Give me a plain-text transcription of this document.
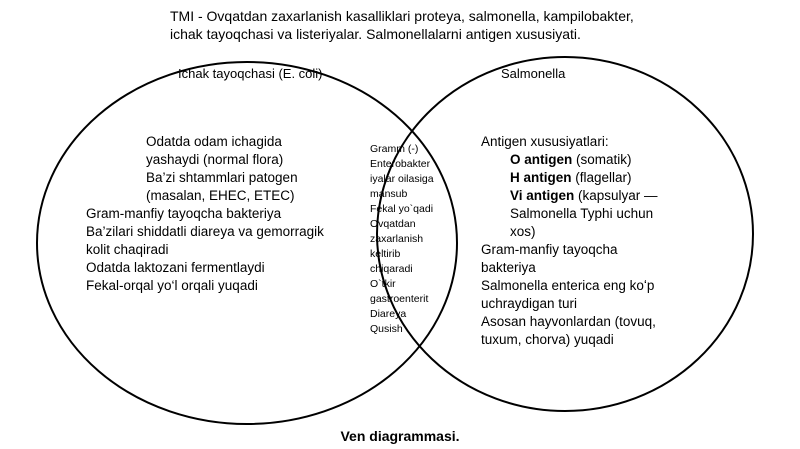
TMI - Ovqatdan zaxarlanish kasalliklari proteya, salmonella, kampilobakter,
ichak tayoqchasi va listeriyalar. Salmonellalarni antigen xususiyati.
Ichak tayoqchasi (E. coli)	Salmonella
Odatda odam ichagida
yashaydi (normal flora)
Ba’zi shtammlari patogen
(masalan, EHEC, ETEC)
Gram-manfiy tayoqcha bakteriya
Ba’zilari shiddatli diareya va gemorragik
kolit chaqiradi
Odatda laktozani fermentlaydi
Fekal-orqal yo‘l orqali yuqadi
Gramm (-)
Enterobakter
iyalar oilasiga
mansub
Fekal yo`qadi
Ovqatdan
zaxarlanish
keltirib
chiqaradi
O`tkir
gastroenterit
Diareya
Qusish
Antigen xususiyatlari:
O antigen (somatik)
H antigen (flagellar)
Vi antigen (kapsulyar —
Salmonella Typhi uchun
xos)
Gram-manfiy tayoqcha
bakteriya
Salmonella enterica eng koʻp
uchraydigan turi
Asosan hayvonlardan (tovuq,
tuxum, chorva) yuqadi
Ven diagrammasi.
